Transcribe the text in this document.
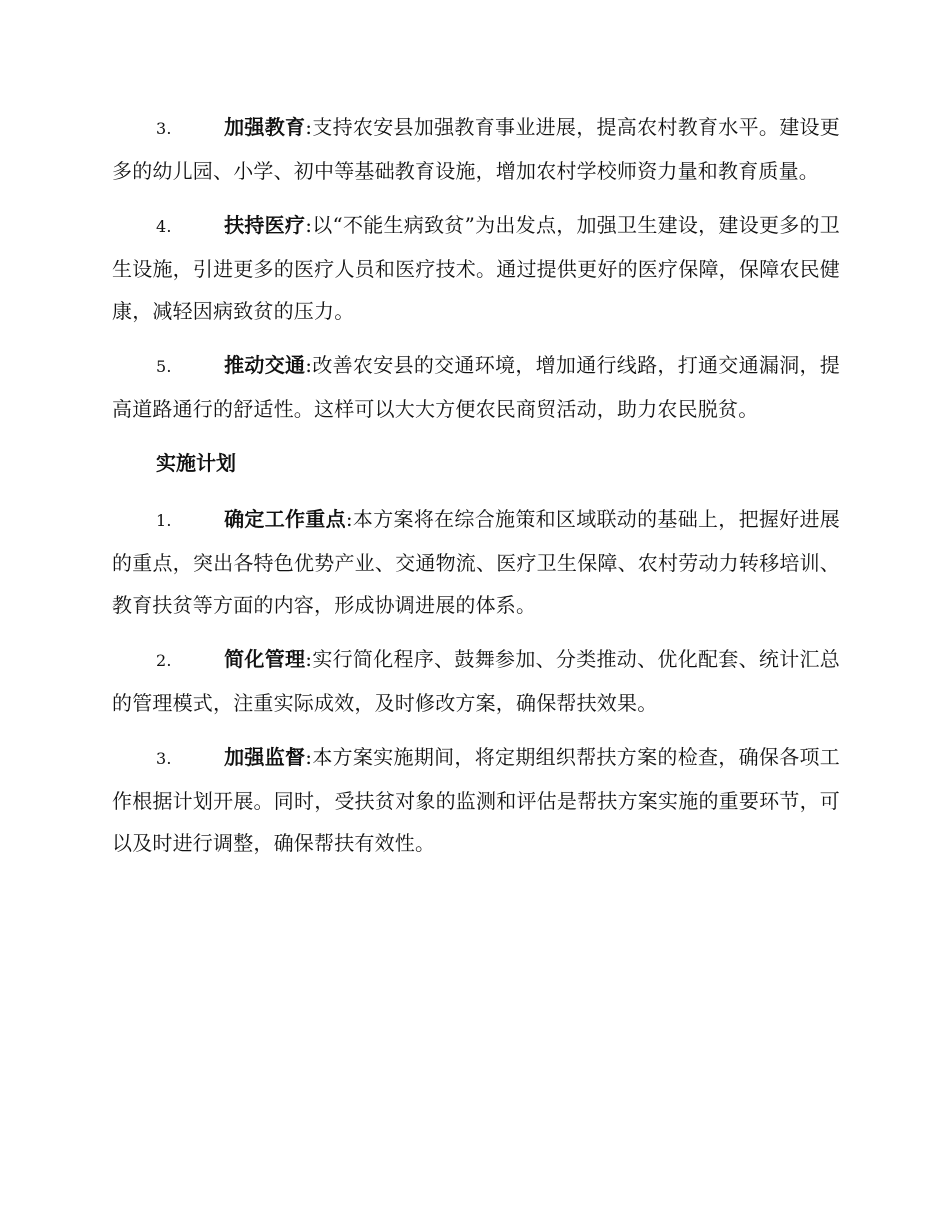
3.	加强教育:支持农安县加强教育事业进展，提高农村教育水平。建设更多的幼儿园、小学、初中等基础教育设施，增加农村学校师资力量和教育质量。

4.	扶持医疗:以“不能生病致贫”为出发点，加强卫生建设，建设更多的卫生设施，引进更多的医疗人员和医疗技术。通过提供更好的医疗保障，保障农民健康，减轻因病致贫的压力。

5.	推动交通:改善农安县的交通环境，增加通行线路，打通交通漏洞，提高道路通行的舒适性。这样可以大大方便农民商贸活动，助力农民脱贫。

实施计划

1.	确定工作重点:本方案将在综合施策和区域联动的基础上，把握好进展的重点，突出各特色优势产业、交通物流、医疗卫生保障、农村劳动力转移培训、教育扶贫等方面的内容，形成协调进展的体系。

2.	简化管理:实行简化程序、鼓舞参加、分类推动、优化配套、统计汇总的管理模式，注重实际成效，及时修改方案，确保帮扶效果。

3.	加强监督:本方案实施期间，将定期组织帮扶方案的检查，确保各项工作根据计划开展。同时，受扶贫对象的监测和评估是帮扶方案实施的重要环节，可以及时进行调整，确保帮扶有效性。
